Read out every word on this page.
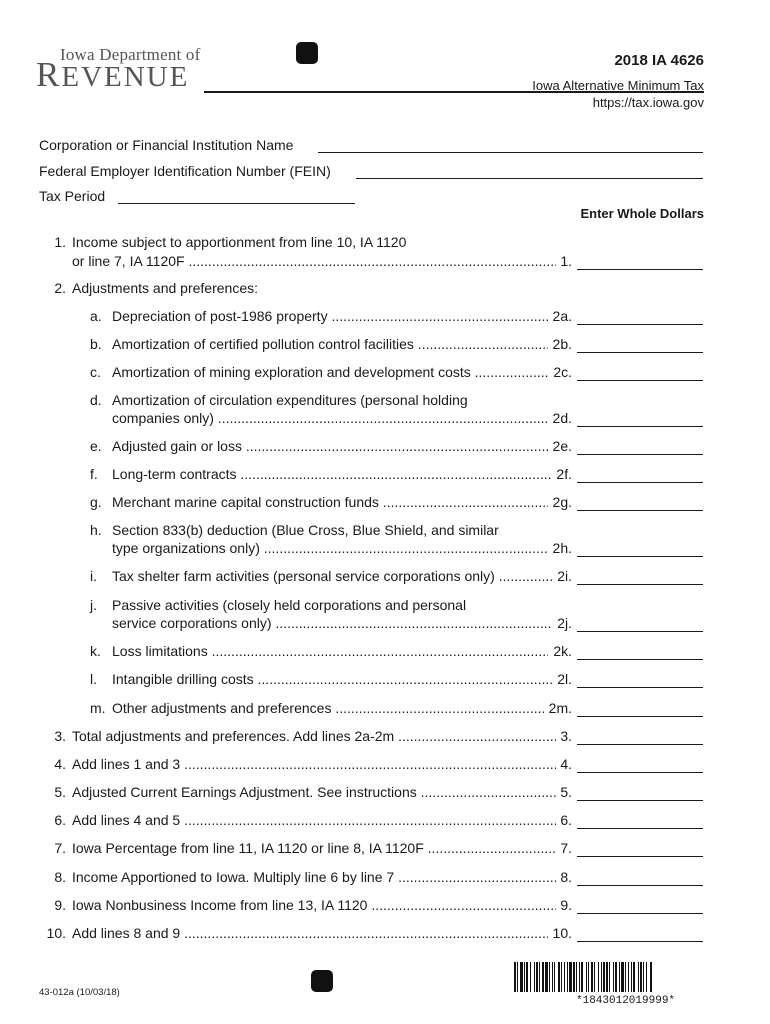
Iowa Department of
REVENUE
2018 IA 4626
Iowa Alternative Minimum Tax
https://tax.iowa.gov
Corporation or Financial Institution Name
Federal Employer Identification Number (FEIN)
Tax Period
Enter Whole Dollars
1. Income subject to apportionment from line 10, IA 1120
or line 7, IA 1120F .....	1.
2. Adjustments and preferences:
a. Depreciation of post-1986 property .....	2a.
b. Amortization of certified pollution control facilities .....	2b.
c. Amortization of mining exploration and development costs .....	2c.
d. Amortization of circulation expenditures (personal holding
companies only) .....	2d.
e. Adjusted gain or loss .....	2e.
f. Long-term contracts .....	2f.
g. Merchant marine capital construction funds .....	2g.
h. Section 833(b) deduction (Blue Cross, Blue Shield, and similar
type organizations only) .....	2h.
i. Tax shelter farm activities (personal service corporations only) .....	2i.
j. Passive activities (closely held corporations and personal
service corporations only) .....	2j.
k. Loss limitations .....	2k.
l. Intangible drilling costs .....	2l.
m. Other adjustments and preferences .....	2m.
3. Total adjustments and preferences. Add lines 2a-2m .....	3.
4. Add lines 1 and 3 .....	4.
5. Adjusted Current Earnings Adjustment. See instructions .....	5.
6. Add lines 4 and 5 .....	6.
7. Iowa Percentage from line 11, IA 1120 or line 8, IA 1120F .....	7.
8. Income Apportioned to Iowa. Multiply line 6 by line 7 .....	8.
9. Iowa Nonbusiness Income from line 13, IA 1120 .....	9.
10. Add lines 8 and 9 .....	10.
43-012a (10/03/18)
*1843012019999*
